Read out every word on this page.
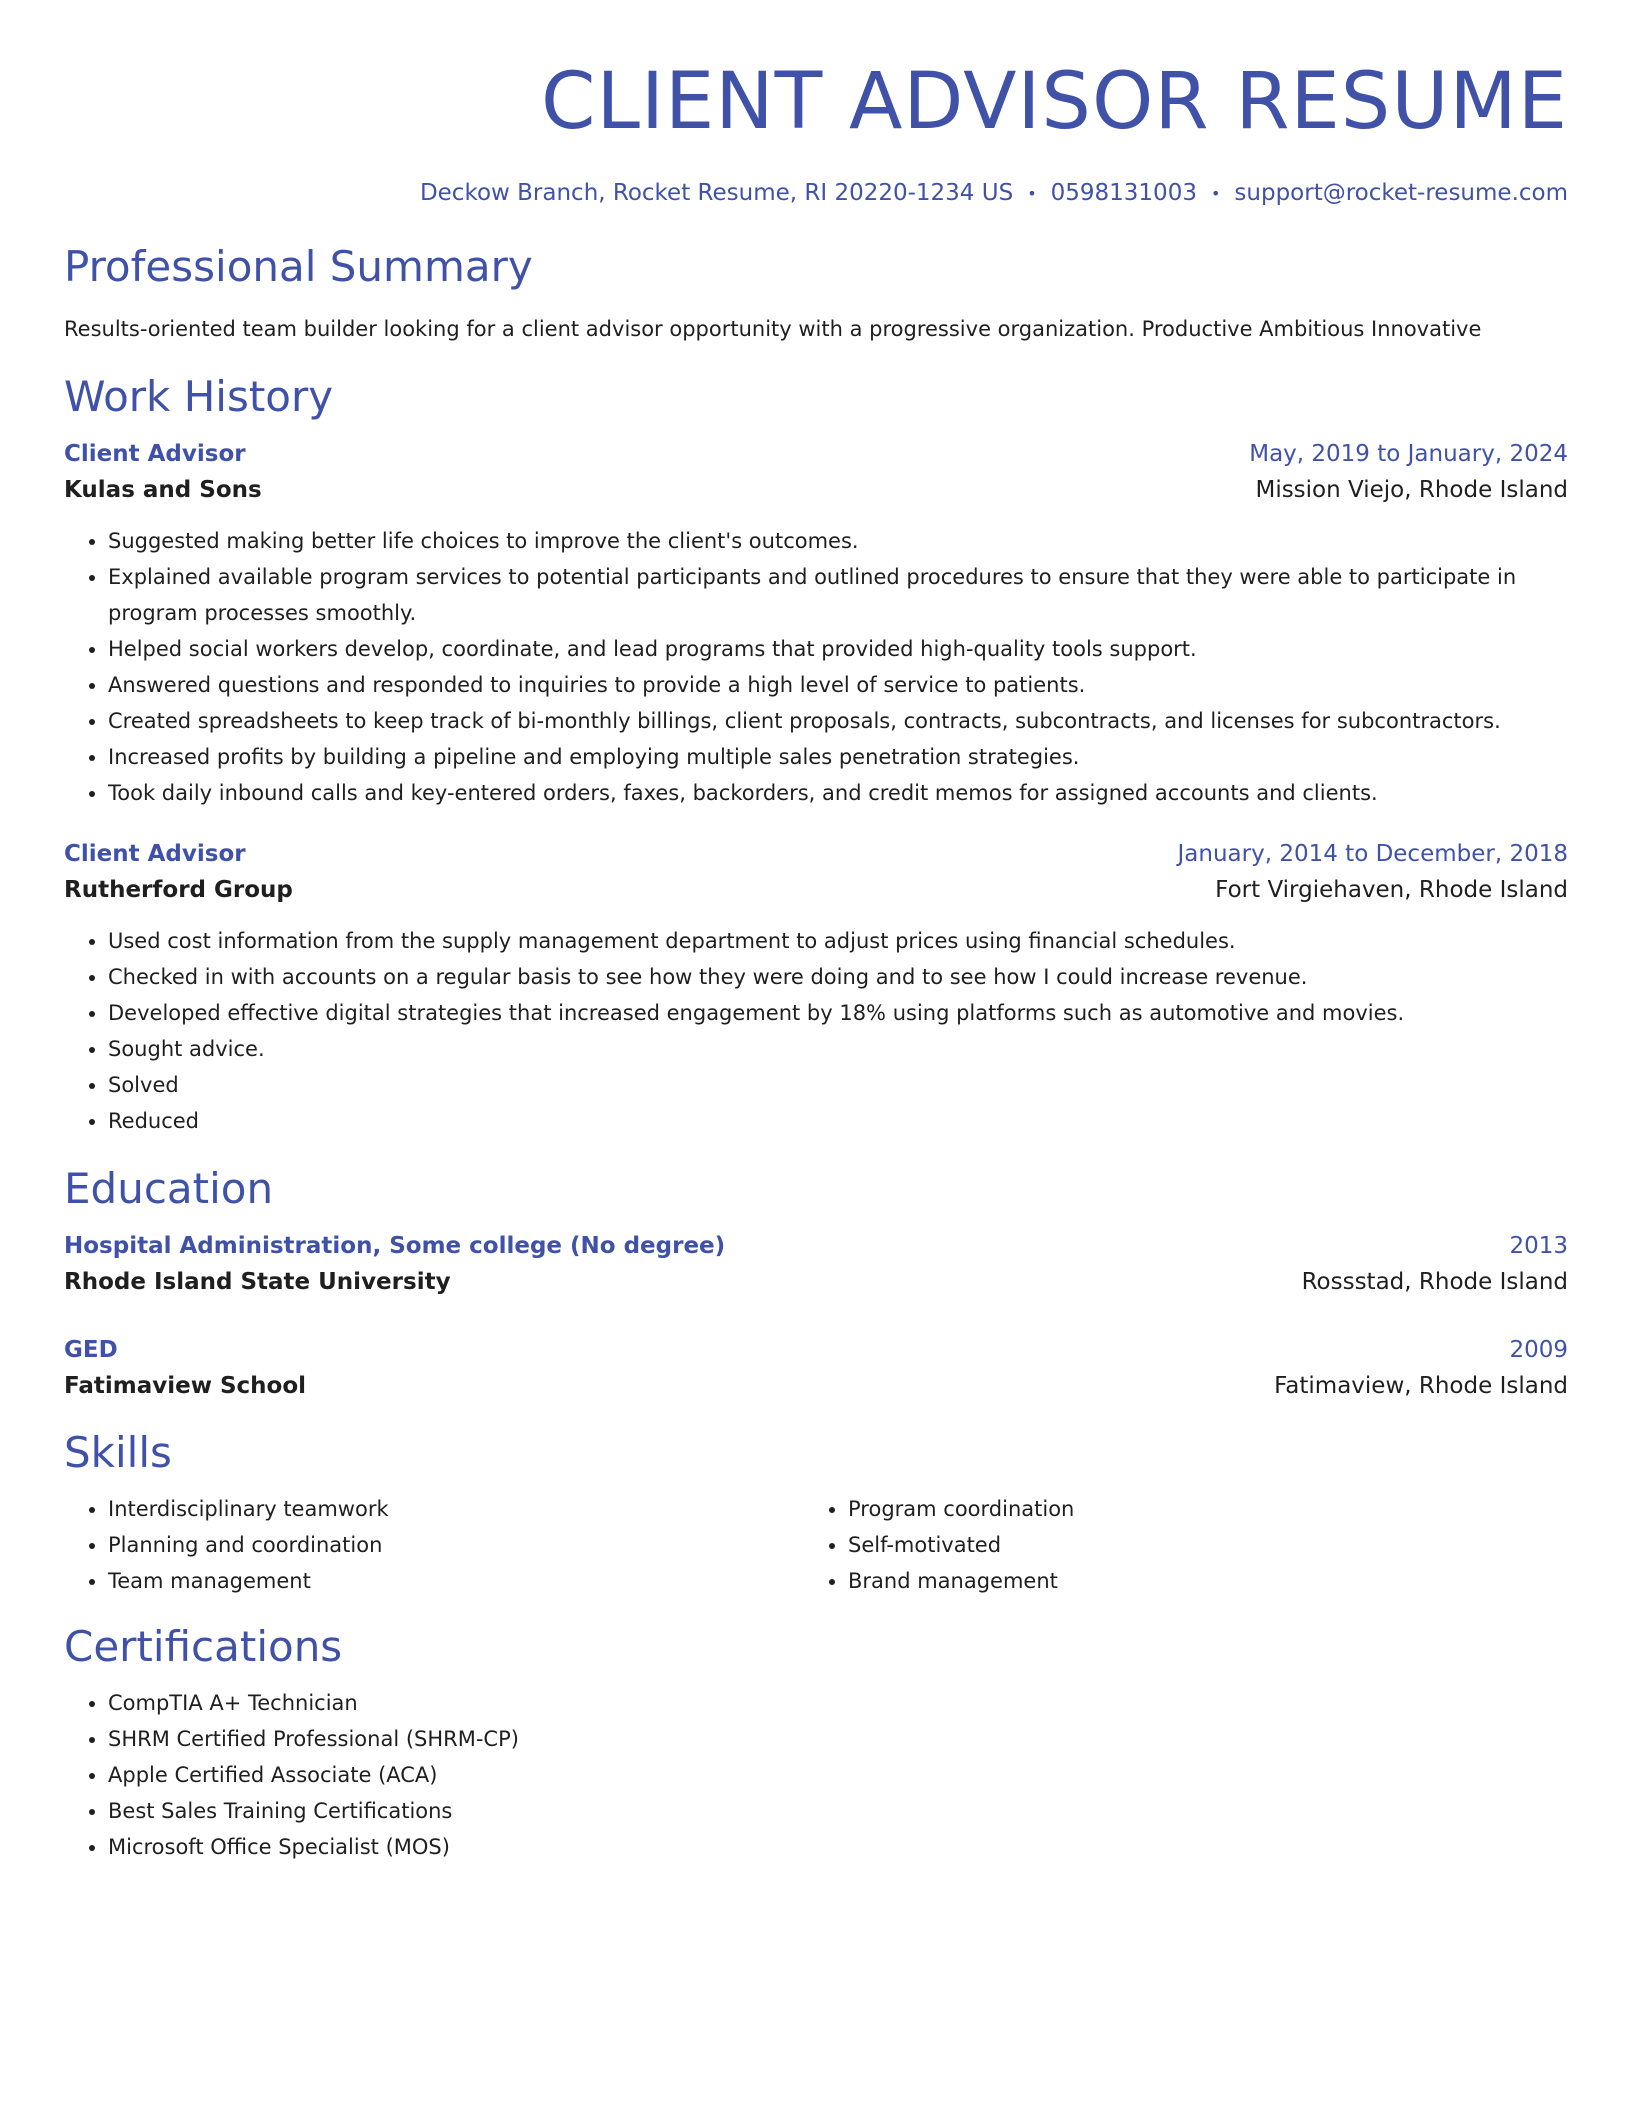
CLIENT ADVISOR RESUME
Deckow Branch, Rocket Resume, RI 20220-1234 US • 0598131003 • support@rocket-resume.com
Professional Summary

Results-oriented team builder looking for a client advisor opportunity with a progressive organization. Productive Ambitious Innovative

Work History
Client Advisor	May, 2019 to January, 2024
Kulas and Sons	Mission Viejo, Rhode Island
• Suggested making better life choices to improve the client's outcomes.
• Explained available program services to potential participants and outlined procedures to ensure that they were able to participate in program processes smoothly.
• Helped social workers develop, coordinate, and lead programs that provided high-quality tools support.
• Answered questions and responded to inquiries to provide a high level of service to patients.
• Created spreadsheets to keep track of bi-monthly billings, client proposals, contracts, subcontracts, and licenses for subcontractors.
• Increased profits by building a pipeline and employing multiple sales penetration strategies.
• Took daily inbound calls and key-entered orders, faxes, backorders, and credit memos for assigned accounts and clients.
Client Advisor	January, 2014 to December, 2018
Rutherford Group	Fort Virgiehaven, Rhode Island
• Used cost information from the supply management department to adjust prices using financial schedules.
• Checked in with accounts on a regular basis to see how they were doing and to see how I could increase revenue.
• Developed effective digital strategies that increased engagement by 18% using platforms such as automotive and movies.
• Sought advice.
• Solved
• Reduced
Education
Hospital Administration, Some college (No degree)	2013
Rhode Island State University	Rossstad, Rhode Island
GED	2009
Fatimaview School	Fatimaview, Rhode Island
Skills
• Interdisciplinary teamwork
• Planning and coordination
• Team management
• Program coordination
• Self-motivated
• Brand management
Certifications
• CompTIA A+ Technician
• SHRM Certified Professional (SHRM-CP)
• Apple Certified Associate (ACA)
• Best Sales Training Certifications
• Microsoft Office Specialist (MOS)
